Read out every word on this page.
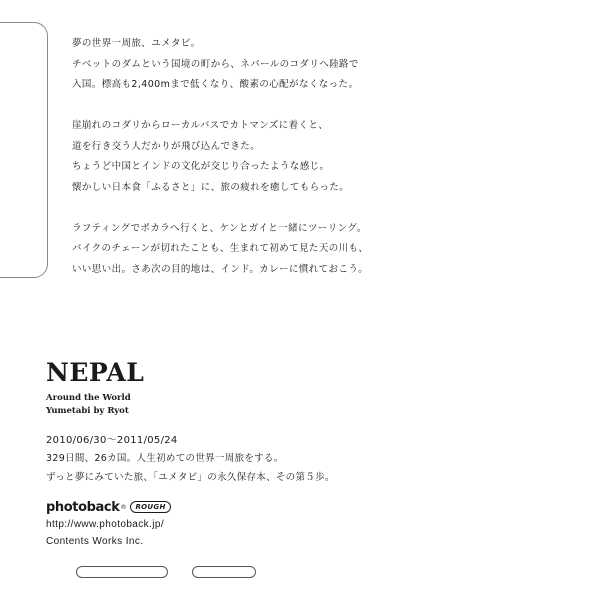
夢の世界一周旅、ユメタビ。
チベットのダムという国境の町から、ネパールのコダリへ陸路で
入国。標高も2,400mまで低くなり、酸素の心配がなくなった。

崖崩れのコダリからローカルバスでカトマンズに着くと、
道を行き交う人だかりが飛び込んできた。
ちょうど中国とインドの文化が交じり合ったような感じ。
懐かしい日本食「ふるさと」に、旅の疲れを癒してもらった。

ラフティングでポカラへ行くと、ケンとガイと一緒にツーリング。
バイクのチェーンが切れたことも、生まれて初めて見た天の川も、
いい思い出。さあ次の目的地は、インド。カレーに慣れておこう。

NEPAL
Around the World
Yumetabi by Ryot
2010/06/30〜2011/05/24
329日間、26カ国。人生初めての世界一周旅をする。
ずっと夢にみていた旅、「ユメタビ」の永久保存本、その第５歩。
photoback ®	ROUGH
http://www.photoback.jp/
Contents Works Inc.
